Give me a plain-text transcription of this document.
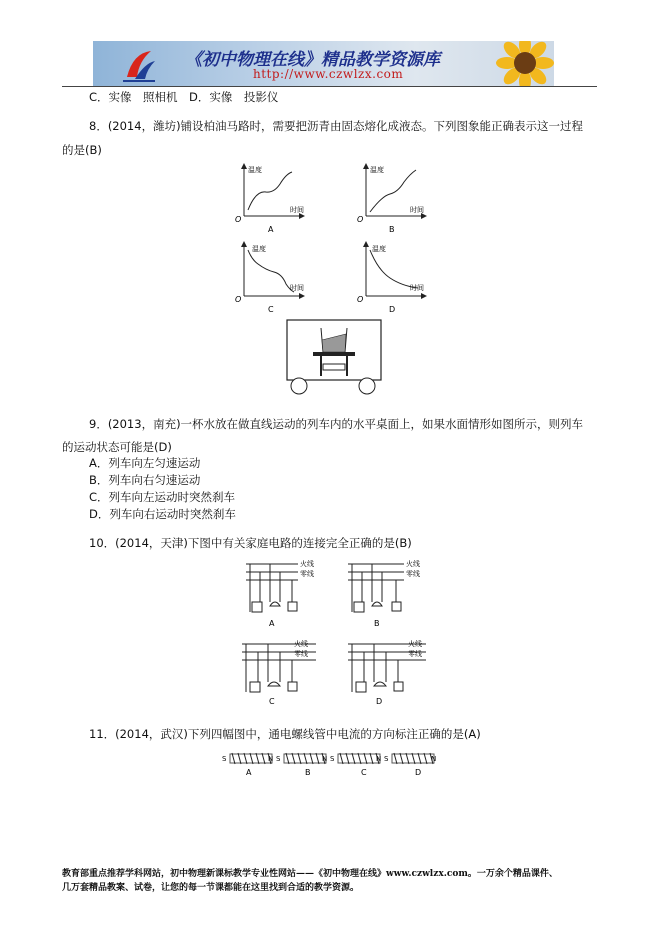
《初中物理在线》精品教学资源库
http://www.czwlzx.com
C．实像　照相机　D．实像　投影仪
8．(2014，潍坊)铺设柏油马路时，需要把沥青由固态熔化成液态。下列图象能正确表示这一过程
的是(B)
温度
时间
O
A
温度
时间
O
B
温度
时间
O
C
温度
时间
O
D
9．(2013，南充)一杯水放在做直线运动的列车内的水平桌面上，如果水面情形如图所示，则列车
的运动状态可能是(D)
A．列车向左匀速运动
B．列车向右匀速运动
C．列车向左运动时突然刹车
D．列车向右运动时突然刹车
10．(2014，天津)下图中有关家庭电路的连接完全正确的是(B)
火线
零线
A
火线
零线
B
火线
零线
C
火线
零线
D
11．(2014，武汉)下列四幅图中，通电螺线管中电流的方向标注正确的是(A)
S	N
A
S	N
B
S	N
C
S	N
D
教育部重点推荐学科网站，初中物理新课标教学专业性网站——《初中物理在线》www.czwlzx.com。一万余个精品课件、
几万套精品教案、试卷，让您的每一节课都能在这里找到合适的教学资源。
